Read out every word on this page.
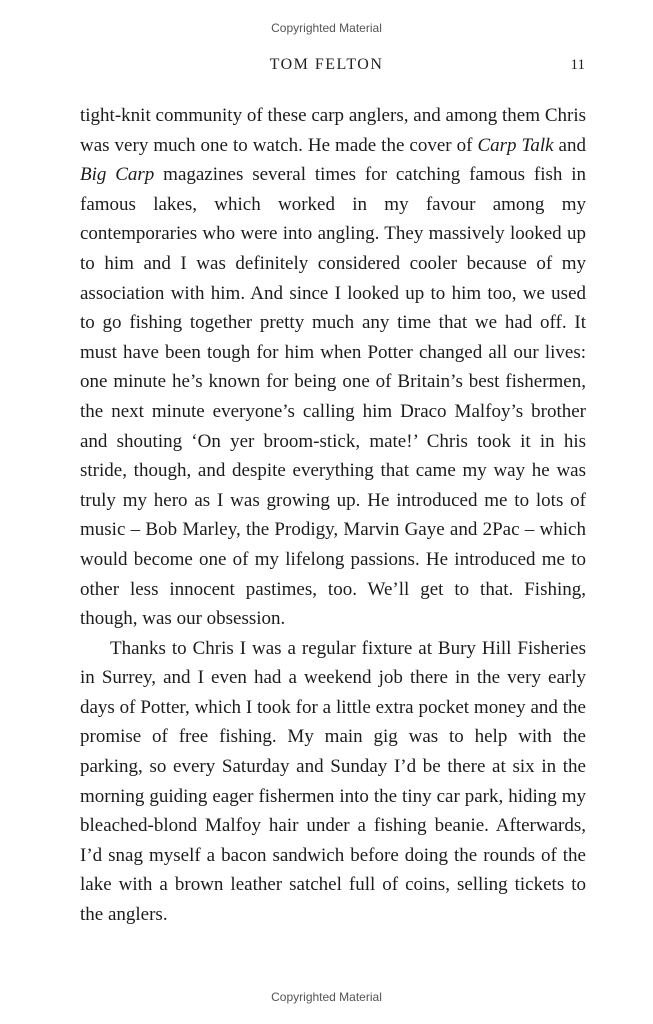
Copyrighted Material
TOM FELTON	11

tight-knit community of these carp anglers, and among them Chris was very much one to watch. He made the cover of Carp Talk and Big Carp magazines several times for catching famous fish in famous lakes, which worked in my favour among my contemporaries who were into angling. They massively looked up to him and I was definitely considered cooler because of my association with him. And since I looked up to him too, we used to go fishing together pretty much any time that we had off. It must have been tough for him when Potter changed all our lives: one minute he’s known for being one of Britain’s best fishermen, the next minute everyone’s calling him Draco Malfoy’s brother and shouting ‘On yer broom-stick, mate!’ Chris took it in his stride, though, and despite everything that came my way he was truly my hero as I was growing up. He introduced me to lots of music – Bob Marley, the Prodigy, Marvin Gaye and 2Pac – which would become one of my lifelong passions. He introduced me to other less innocent pastimes, too. We’ll get to that. Fishing, though, was our obsession.

Thanks to Chris I was a regular fixture at Bury Hill Fisheries in Surrey, and I even had a weekend job there in the very early days of Potter, which I took for a little extra pocket money and the promise of free fishing. My main gig was to help with the parking, so every Saturday and Sunday I’d be there at six in the morning guiding eager fishermen into the tiny car park, hiding my bleached-blond Malfoy hair under a fishing beanie. Afterwards, I’d snag myself a bacon sandwich before doing the rounds of the lake with a brown leather satchel full of coins, selling tickets to the anglers.

Copyrighted Material
